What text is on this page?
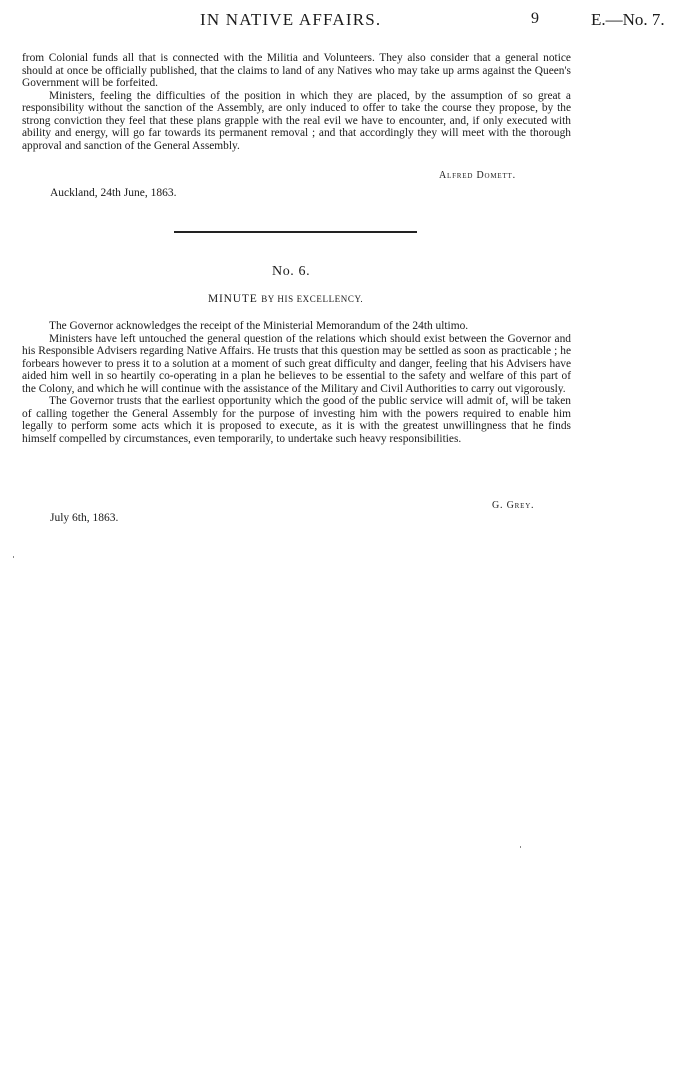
IN NATIVE AFFAIRS.	9	E.—No. 7.

from Colonial funds all that is connected with the Militia and Volunteers. They also consider that a general notice should at once be officially published, that the claims to land of any Natives who may take up arms against the Queen's Government will be forfeited.

Ministers, feeling the difficulties of the position in which they are placed, by the assumption of so great a responsibility without the sanction of the Assembly, are only induced to offer to take the course they propose, by the strong conviction they feel that these plans grapple with the real evil we have to encounter, and, if only executed with ability and energy, will go far towards its permanent removal ; and that accordingly they will meet with the thorough approval and sanction of the General Assembly.

Alfred Domett.
Auckland, 24th June, 1863.
No. 6.
MINUTE BY HIS EXCELLENCY.

The Governor acknowledges the receipt of the Ministerial Memorandum of the 24th ultimo.

Ministers have left untouched the general question of the relations which should exist between the Governor and his Responsible Advisers regarding Native Affairs. He trusts that this question may be settled as soon as practicable ; he forbears however to press it to a solution at a moment of such great difficulty and danger, feeling that his Advisers have aided him well in so heartily co-operating in a plan he believes to be essential to the safety and welfare of this part of the Colony, and which he will continue with the assistance of the Military and Civil Authorities to carry out vigorously.

The Governor trusts that the earliest opportunity which the good of the public service will admit of, will be taken of calling together the General Assembly for the purpose of investing him with the powers required to enable him legally to perform some acts which it is proposed to execute, as it is with the greatest unwillingness that he finds himself compelled by circumstances, even temporarily, to undertake such heavy responsibilities.

G. Grey.
July 6th, 1863.
